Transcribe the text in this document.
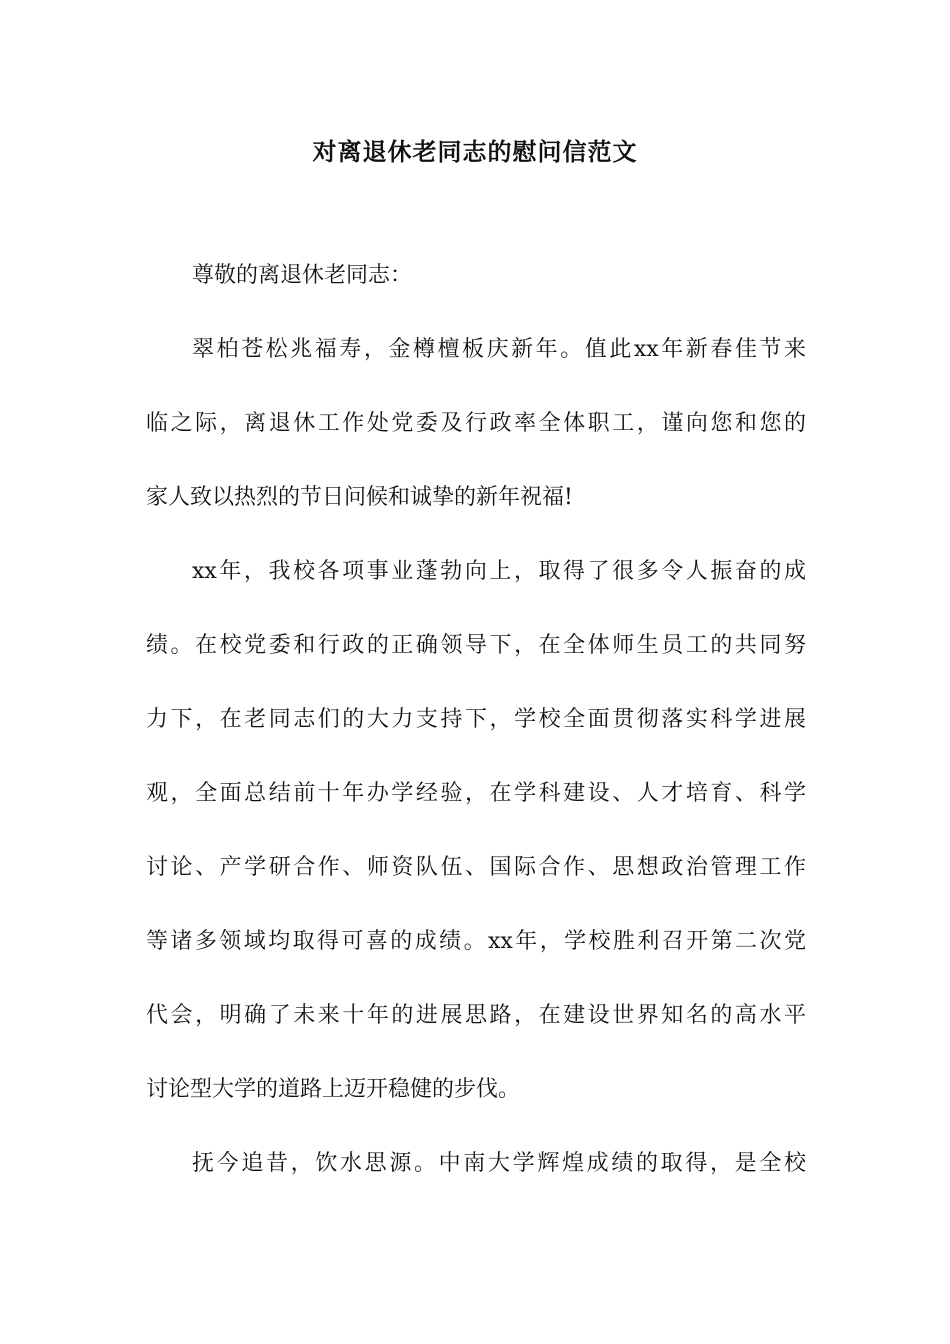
对离退休老同志的慰问信范文
尊敬的离退休老同志：
翠柏苍松兆福寿，金樽檀板庆新年。值此xx年新春佳节来
临之际，离退休工作处党委及行政率全体职工，谨向您和您的
家人致以热烈的节日问候和诚挚的新年祝福!
xx年，我校各项事业蓬勃向上，取得了很多令人振奋的成
绩。在校党委和行政的正确领导下，在全体师生员工的共同努
力下，在老同志们的大力支持下，学校全面贯彻落实科学进展
观，全面总结前十年办学经验，在学科建设、人才培育、科学
讨论、产学研合作、师资队伍、国际合作、思想政治管理工作
等诸多领域均取得可喜的成绩。xx年，学校胜利召开第二次党
代会，明确了未来十年的进展思路，在建设世界知名的高水平
讨论型大学的道路上迈开稳健的步伐。
抚今追昔，饮水思源。中南大学辉煌成绩的取得，是全校
